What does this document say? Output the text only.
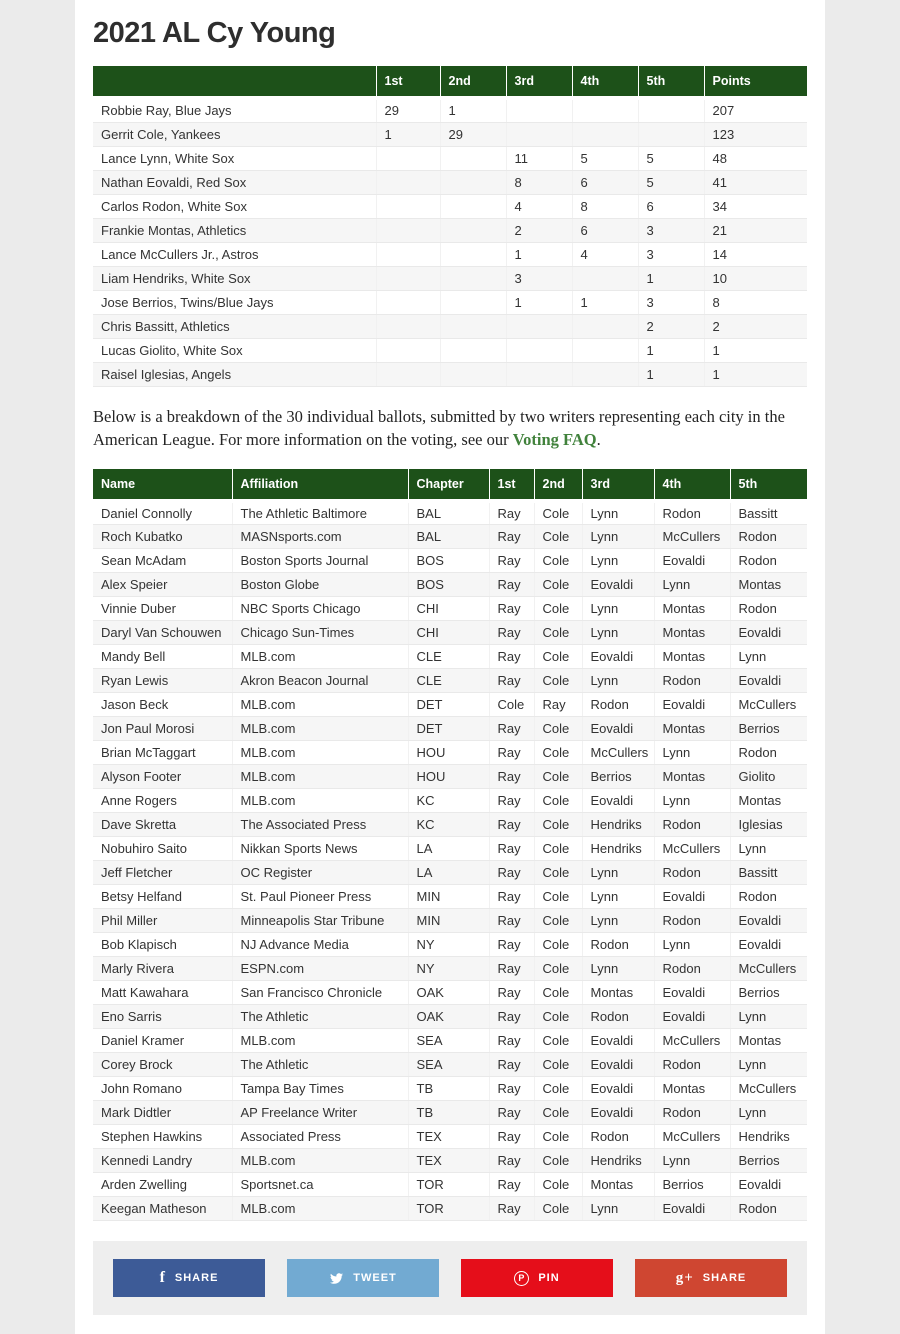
2021 AL Cy Young
	1st	2nd	3rd	4th	5th	Points
Robbie Ray, Blue Jays	29	1				207
Gerrit Cole, Yankees	1	29				123
Lance Lynn, White Sox			11	5	5	48
Nathan Eovaldi, Red Sox			8	6	5	41
Carlos Rodon, White Sox			4	8	6	34
Frankie Montas, Athletics			2	6	3	21
Lance McCullers Jr., Astros			1	4	3	14
Liam Hendriks, White Sox			3		1	10
Jose Berrios, Twins/Blue Jays			1	1	3	8
Chris Bassitt, Athletics					2	2
Lucas Giolito, White Sox					1	1
Raisel Iglesias, Angels					1	1

Below is a breakdown of the 30 individual ballots, submitted by two writers representing each city in the American League. For more information on the voting, see our Voting FAQ.

Name	Affiliation	Chapter	1st	2nd	3rd	4th	5th
Daniel Connolly	The Athletic Baltimore	BAL	Ray	Cole	Lynn	Rodon	Bassitt
Roch Kubatko	MASNsports.com	BAL	Ray	Cole	Lynn	McCullers	Rodon
Sean McAdam	Boston Sports Journal	BOS	Ray	Cole	Lynn	Eovaldi	Rodon
Alex Speier	Boston Globe	BOS	Ray	Cole	Eovaldi	Lynn	Montas
Vinnie Duber	NBC Sports Chicago	CHI	Ray	Cole	Lynn	Montas	Rodon
Daryl Van Schouwen	Chicago Sun-Times	CHI	Ray	Cole	Lynn	Montas	Eovaldi
Mandy Bell	MLB.com	CLE	Ray	Cole	Eovaldi	Montas	Lynn
Ryan Lewis	Akron Beacon Journal	CLE	Ray	Cole	Lynn	Rodon	Eovaldi
Jason Beck	MLB.com	DET	Cole	Ray	Rodon	Eovaldi	McCullers
Jon Paul Morosi	MLB.com	DET	Ray	Cole	Eovaldi	Montas	Berrios
Brian McTaggart	MLB.com	HOU	Ray	Cole	McCullers	Lynn	Rodon
Alyson Footer	MLB.com	HOU	Ray	Cole	Berrios	Montas	Giolito
Anne Rogers	MLB.com	KC	Ray	Cole	Eovaldi	Lynn	Montas
Dave Skretta	The Associated Press	KC	Ray	Cole	Hendriks	Rodon	Iglesias
Nobuhiro Saito	Nikkan Sports News	LA	Ray	Cole	Hendriks	McCullers	Lynn
Jeff Fletcher	OC Register	LA	Ray	Cole	Lynn	Rodon	Bassitt
Betsy Helfand	St. Paul Pioneer Press	MIN	Ray	Cole	Lynn	Eovaldi	Rodon
Phil Miller	Minneapolis Star Tribune	MIN	Ray	Cole	Lynn	Rodon	Eovaldi
Bob Klapisch	NJ Advance Media	NY	Ray	Cole	Rodon	Lynn	Eovaldi
Marly Rivera	ESPN.com	NY	Ray	Cole	Lynn	Rodon	McCullers
Matt Kawahara	San Francisco Chronicle	OAK	Ray	Cole	Montas	Eovaldi	Berrios
Eno Sarris	The Athletic	OAK	Ray	Cole	Rodon	Eovaldi	Lynn
Daniel Kramer	MLB.com	SEA	Ray	Cole	Eovaldi	McCullers	Montas
Corey Brock	The Athletic	SEA	Ray	Cole	Eovaldi	Rodon	Lynn
John Romano	Tampa Bay Times	TB	Ray	Cole	Eovaldi	Montas	McCullers
Mark Didtler	AP Freelance Writer	TB	Ray	Cole	Eovaldi	Rodon	Lynn
Stephen Hawkins	Associated Press	TEX	Ray	Cole	Rodon	McCullers	Hendriks
Kennedi Landry	MLB.com	TEX	Ray	Cole	Hendriks	Lynn	Berrios
Arden Zwelling	Sportsnet.ca	TOR	Ray	Cole	Montas	Berrios	Eovaldi
Keegan Matheson	MLB.com	TOR	Ray	Cole	Lynn	Eovaldi	Rodon
f SHARE	TWEET	P	PIN	g+ SHARE
